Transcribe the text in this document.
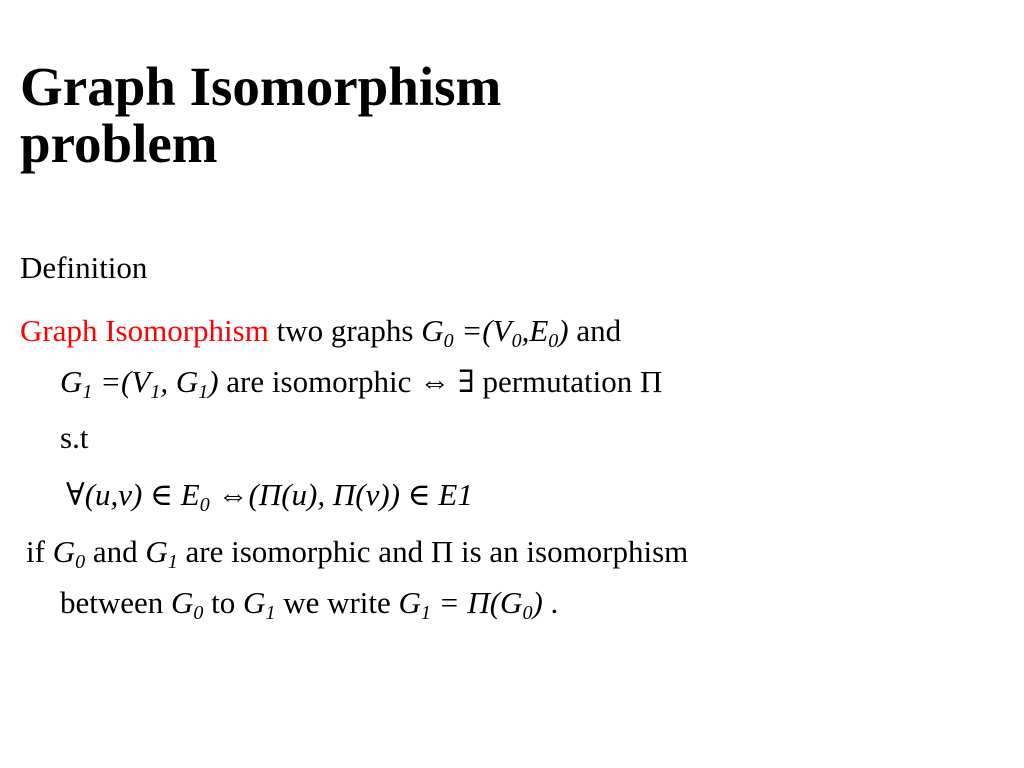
Graph Isomorphism
problem
Definition
Graph Isomorphism two graphs $G_0 =(V_0,E_0)$ and
$G_1 =(V_1$, $G_1$) are isomorphic ⇔ ∃ permutation Π
s.t
∀(u,v) ∈ $E_0$ ⇔(Π(u), Π(v)) ∈ E1
if $G_0$ and $G_1$ are isomorphic and Π is an isomorphism
between $G_0$ to $G_1$ we write $G_1 = \Pi(G_0)$ .
